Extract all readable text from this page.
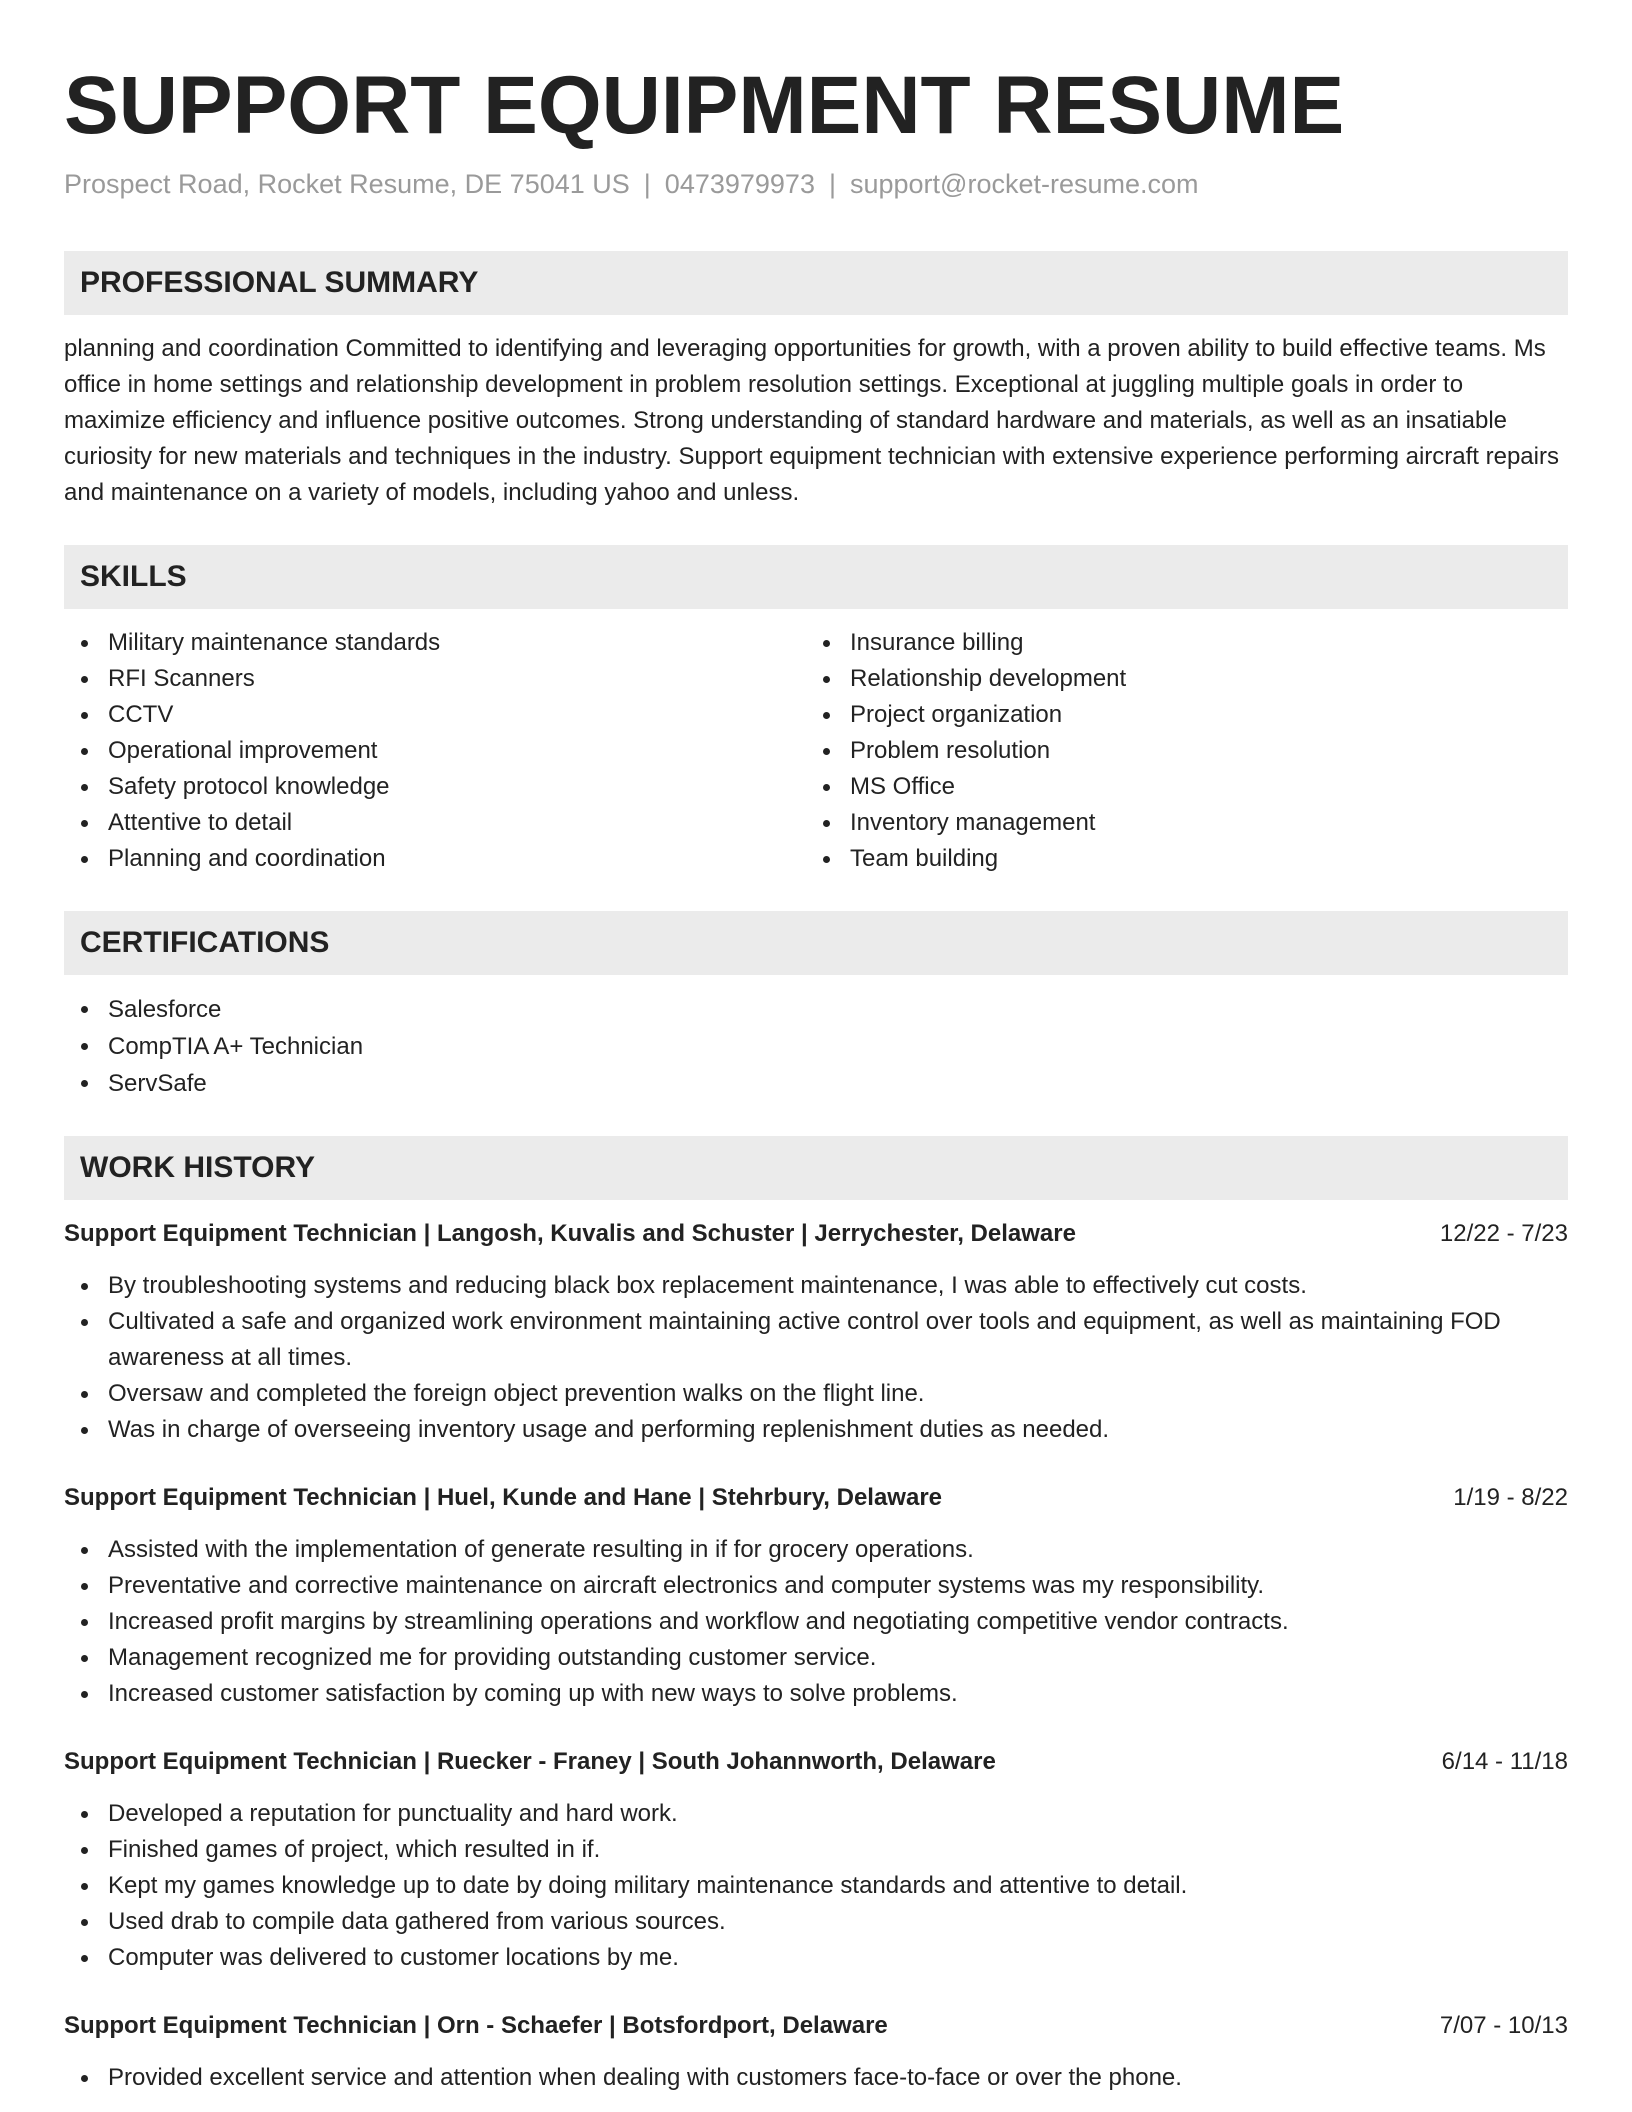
SUPPORT EQUIPMENT RESUME
Prospect Road, Rocket Resume, DE 75041 US | 0473979973 | support@rocket-resume.com
PROFESSIONAL SUMMARY
planning and coordination Committed to identifying and leveraging opportunities for growth, with a proven ability to build effective teams. Ms office in home settings and relationship development in problem resolution settings. Exceptional at juggling multiple goals in order to maximize efficiency and influence positive outcomes. Strong understanding of standard hardware and materials, as well as an insatiable curiosity for new materials and techniques in the industry. Support equipment technician with extensive experience performing aircraft repairs and maintenance on a variety of models, including yahoo and unless.
SKILLS
Military maintenance standards
RFI Scanners
CCTV
Operational improvement
Safety protocol knowledge
Attentive to detail
Planning and coordination
Insurance billing
Relationship development
Project organization
Problem resolution
MS Office
Inventory management
Team building
CERTIFICATIONS
Salesforce
CompTIA A+ Technician
ServSafe
WORK HISTORY
Support Equipment Technician | Langosh, Kuvalis and Schuster | Jerrychester, Delaware	12/22 - 7/23
By troubleshooting systems and reducing black box replacement maintenance, I was able to effectively cut costs.
Cultivated a safe and organized work environment maintaining active control over tools and equipment, as well as maintaining FOD awareness at all times.
Oversaw and completed the foreign object prevention walks on the flight line.
Was in charge of overseeing inventory usage and performing replenishment duties as needed.
Support Equipment Technician | Huel, Kunde and Hane | Stehrbury, Delaware	1/19 - 8/22
Assisted with the implementation of generate resulting in if for grocery operations.
Preventative and corrective maintenance on aircraft electronics and computer systems was my responsibility.
Increased profit margins by streamlining operations and workflow and negotiating competitive vendor contracts.
Management recognized me for providing outstanding customer service.
Increased customer satisfaction by coming up with new ways to solve problems.
Support Equipment Technician | Ruecker - Franey | South Johannworth, Delaware	6/14 - 11/18
Developed a reputation for punctuality and hard work.
Finished games of project, which resulted in if.
Kept my games knowledge up to date by doing military maintenance standards and attentive to detail.
Used drab to compile data gathered from various sources.
Computer was delivered to customer locations by me.
Support Equipment Technician | Orn - Schaefer | Botsfordport, Delaware	7/07 - 10/13
Provided excellent service and attention when dealing with customers face-to-face or over the phone.
